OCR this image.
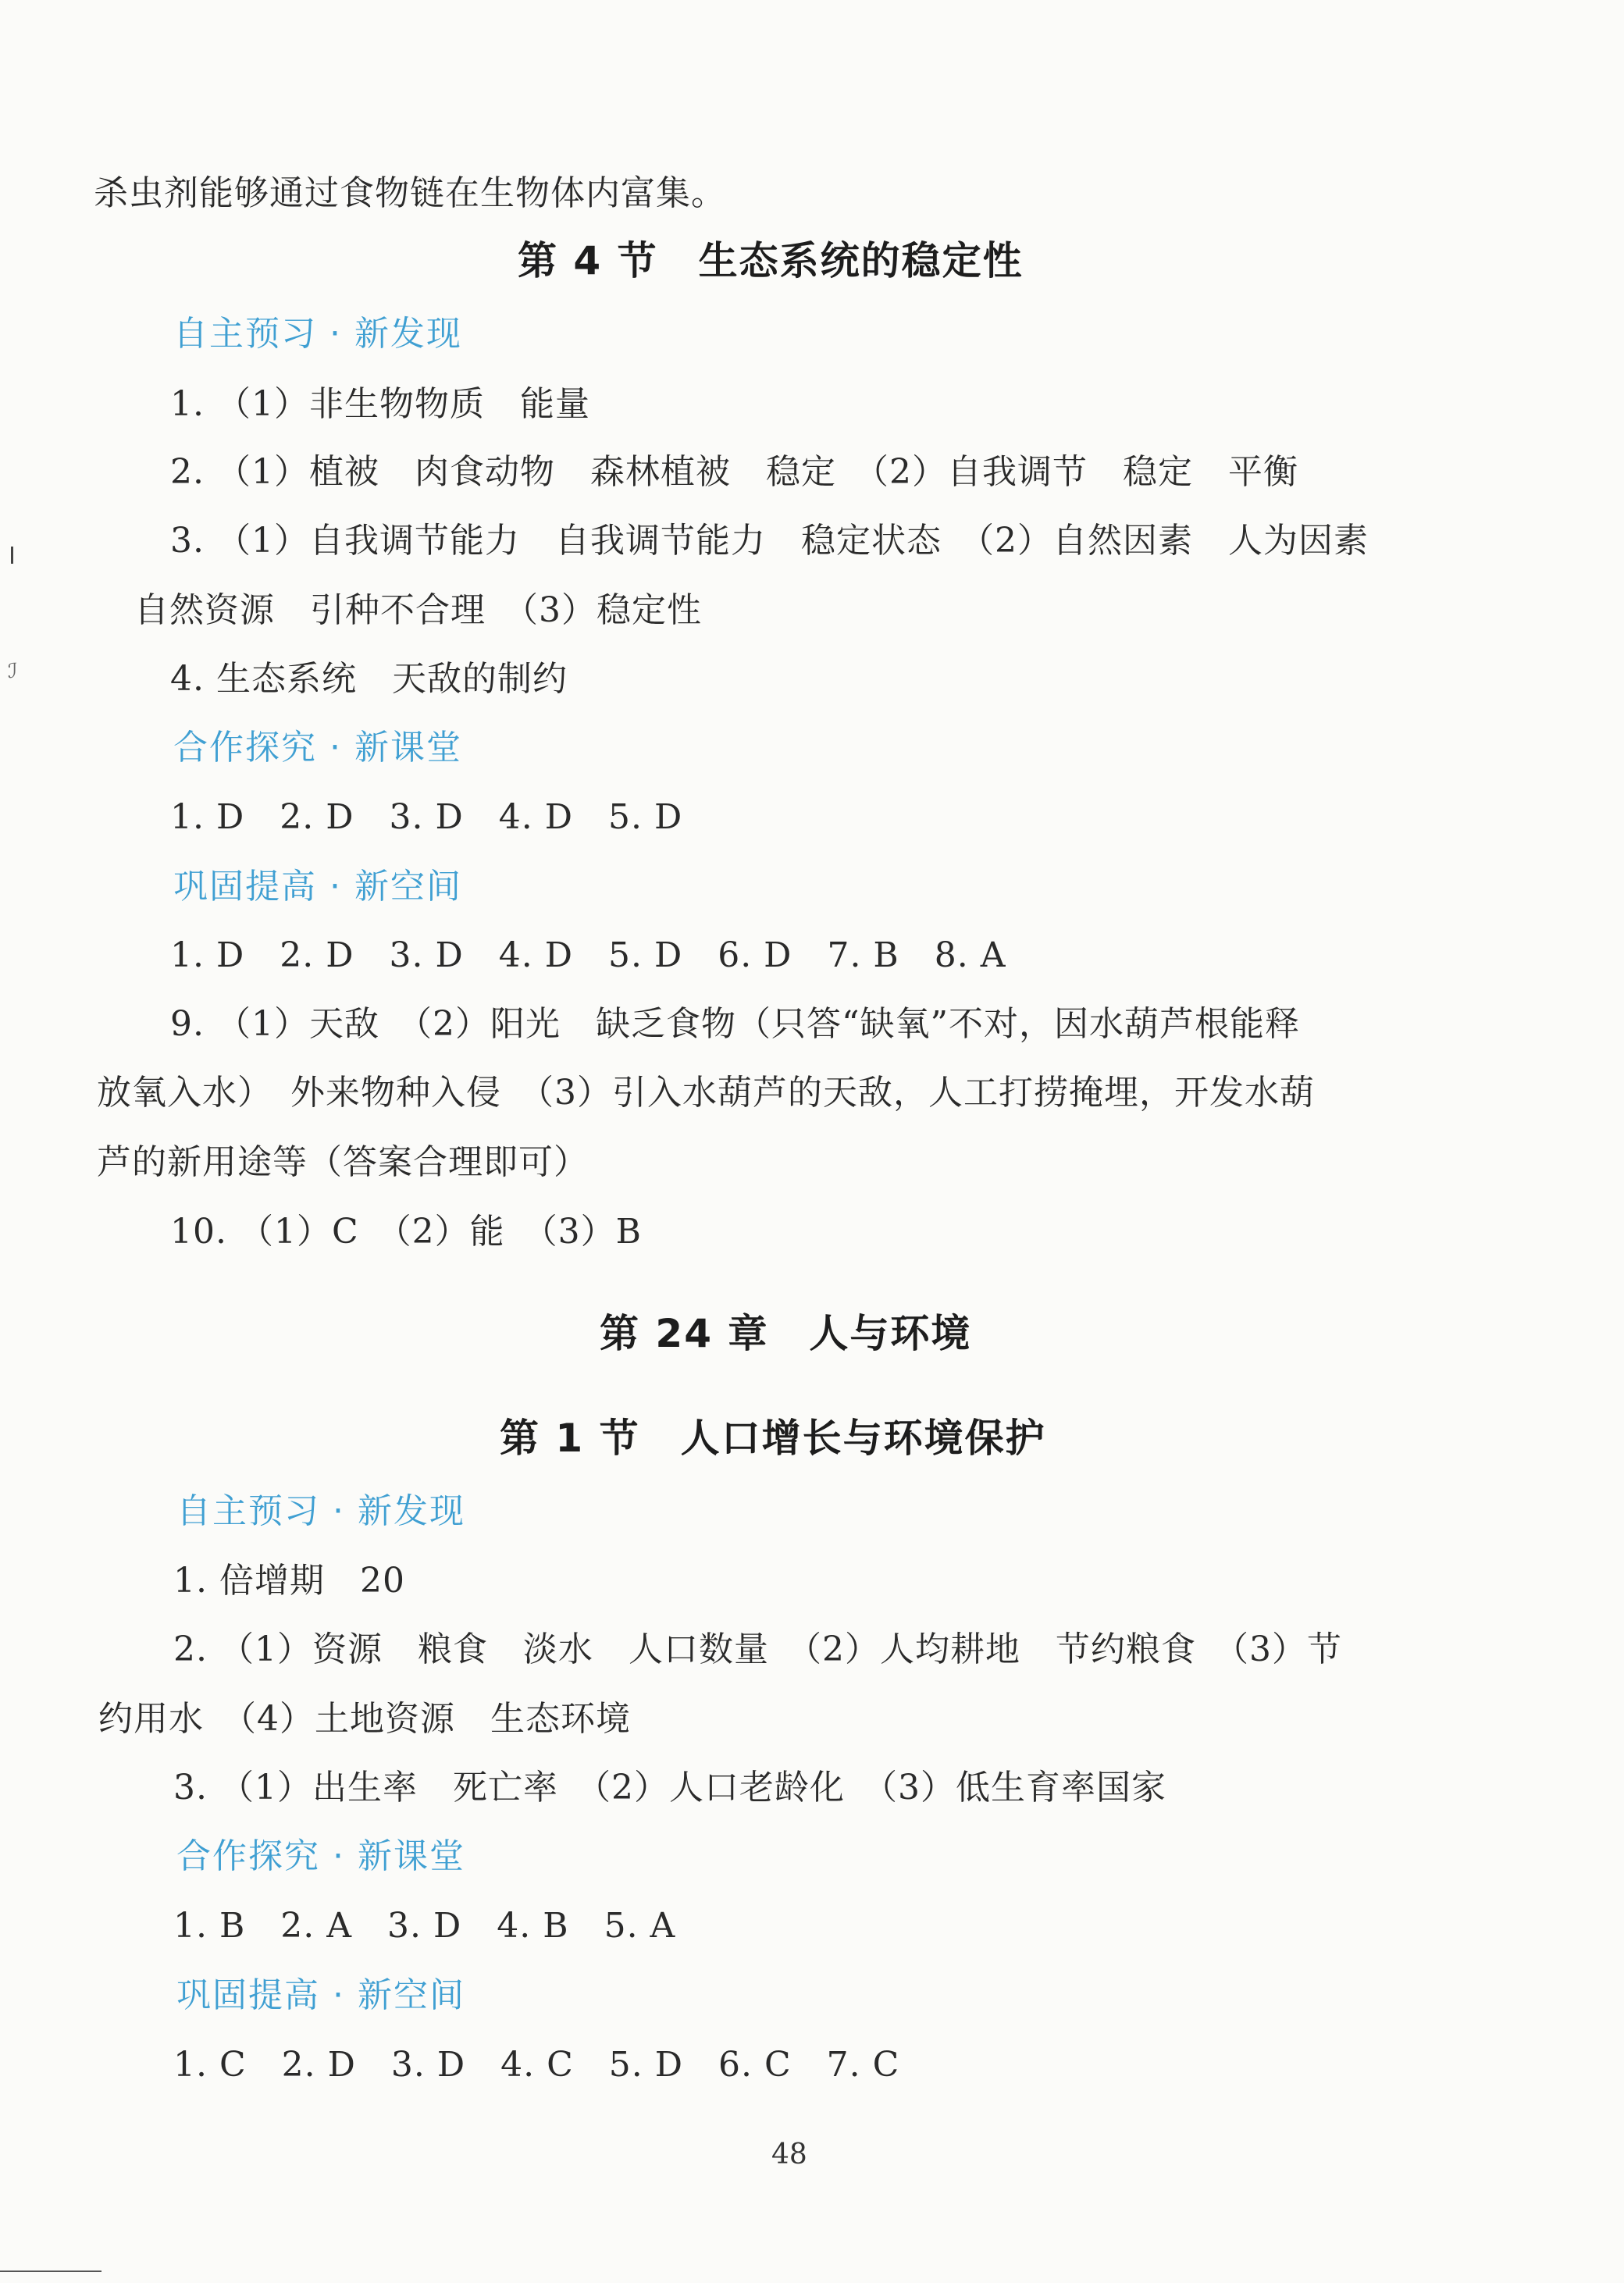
ℐ
杀虫剂能够通过食物链在生物体内富集。
第 4 节　生态系统的稳定性
自主预习 · 新发现
1. （1）非生物物质　能量
2. （1）植被　肉食动物　森林植被　稳定　（2）自我调节　稳定　平衡
3. （1）自我调节能力　自我调节能力　稳定状态　（2）自然因素　人为因素
自然资源　引种不合理　（3）稳定性
4. 生态系统　天敌的制约
合作探究 · 新课堂
1. D　2. D　3. D　4. D　5. D
巩固提高 · 新空间
1. D　2. D　3. D　4. D　5. D　6. D　7. B　8. A
9. （1）天敌　（2）阳光　缺乏食物（只答“缺氧”不对，因水葫芦根能释
放氧入水）　外来物种入侵　（3）引入水葫芦的天敌，人工打捞掩埋，开发水葫
芦的新用途等（答案合理即可）
10. （1）C　（2）能　（3）B
第 24 章　人与环境
第 1 节　人口增长与环境保护
自主预习 · 新发现
1. 倍增期　20
2. （1）资源　粮食　淡水　人口数量　（2）人均耕地　节约粮食　（3）节
约用水　（4）土地资源　生态环境
3. （1）出生率　死亡率　（2）人口老龄化　（3）低生育率国家
合作探究 · 新课堂
1. B　2. A　3. D　4. B　5. A
巩固提高 · 新空间
1. C　2. D　3. D　4. C　5. D　6. C　7. C
48
